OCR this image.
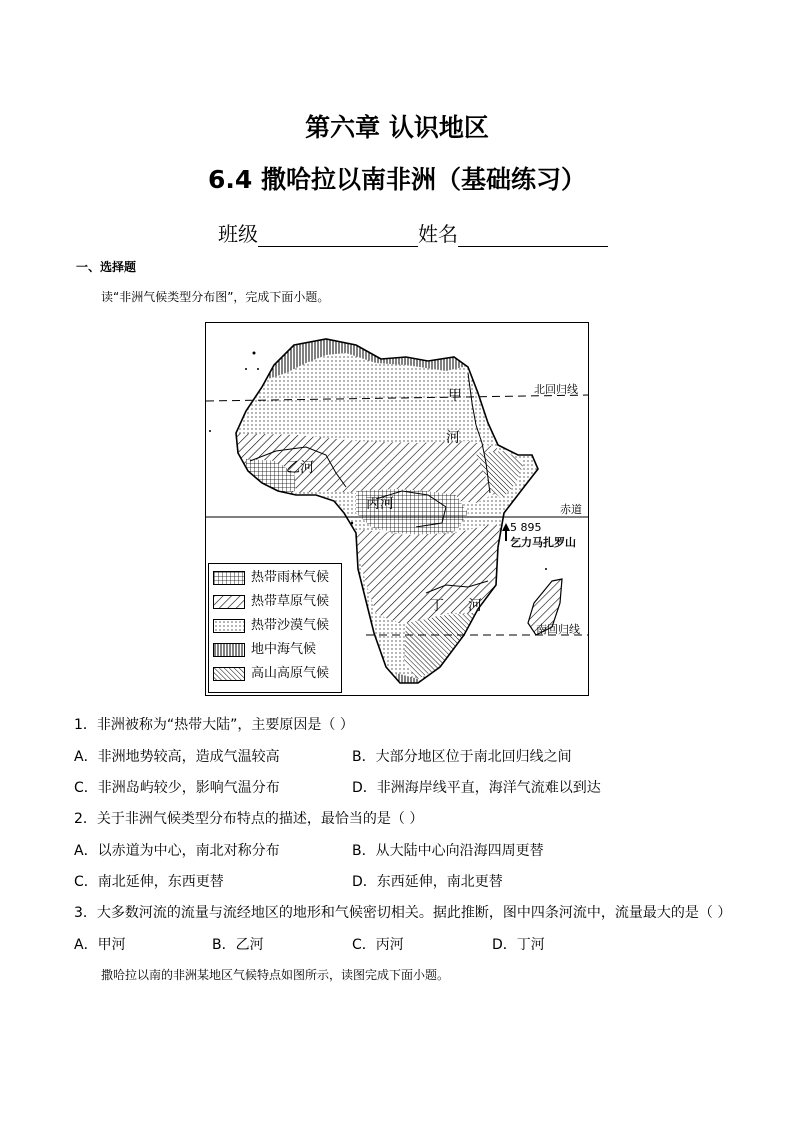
第六章 认识地区
6.4 撒哈拉以南非洲（基础练习）
班级	姓名
一、选择题
读“非洲气候类型分布图”，完成下面小题。
北回归线
赤道
南回归线
甲
河
乙河
丙河
丁 河
5 895
乞力马扎罗山
热带雨林气候
热带草原气候
热带沙漠气候
地中海气候
高山高原气候
1．非洲被称为“热带大陆”，主要原因是（ ）
A．非洲地势较高，造成气温较高	B．大部分地区位于南北回归线之间
C．非洲岛屿较少，影响气温分布	D．非洲海岸线平直，海洋气流难以到达
2．关于非洲气候类型分布特点的描述，最恰当的是（ ）
A．以赤道为中心，南北对称分布	B．从大陆中心向沿海四周更替
C．南北延伸，东西更替	D．东西延伸，南北更替
3．大多数河流的流量与流经地区的地形和气候密切相关。据此推断，图中四条河流中，流量最大的是（ ）
A．甲河	B．乙河	C．丙河	D．丁河
撒哈拉以南的非洲某地区气候特点如图所示，读图完成下面小题。
